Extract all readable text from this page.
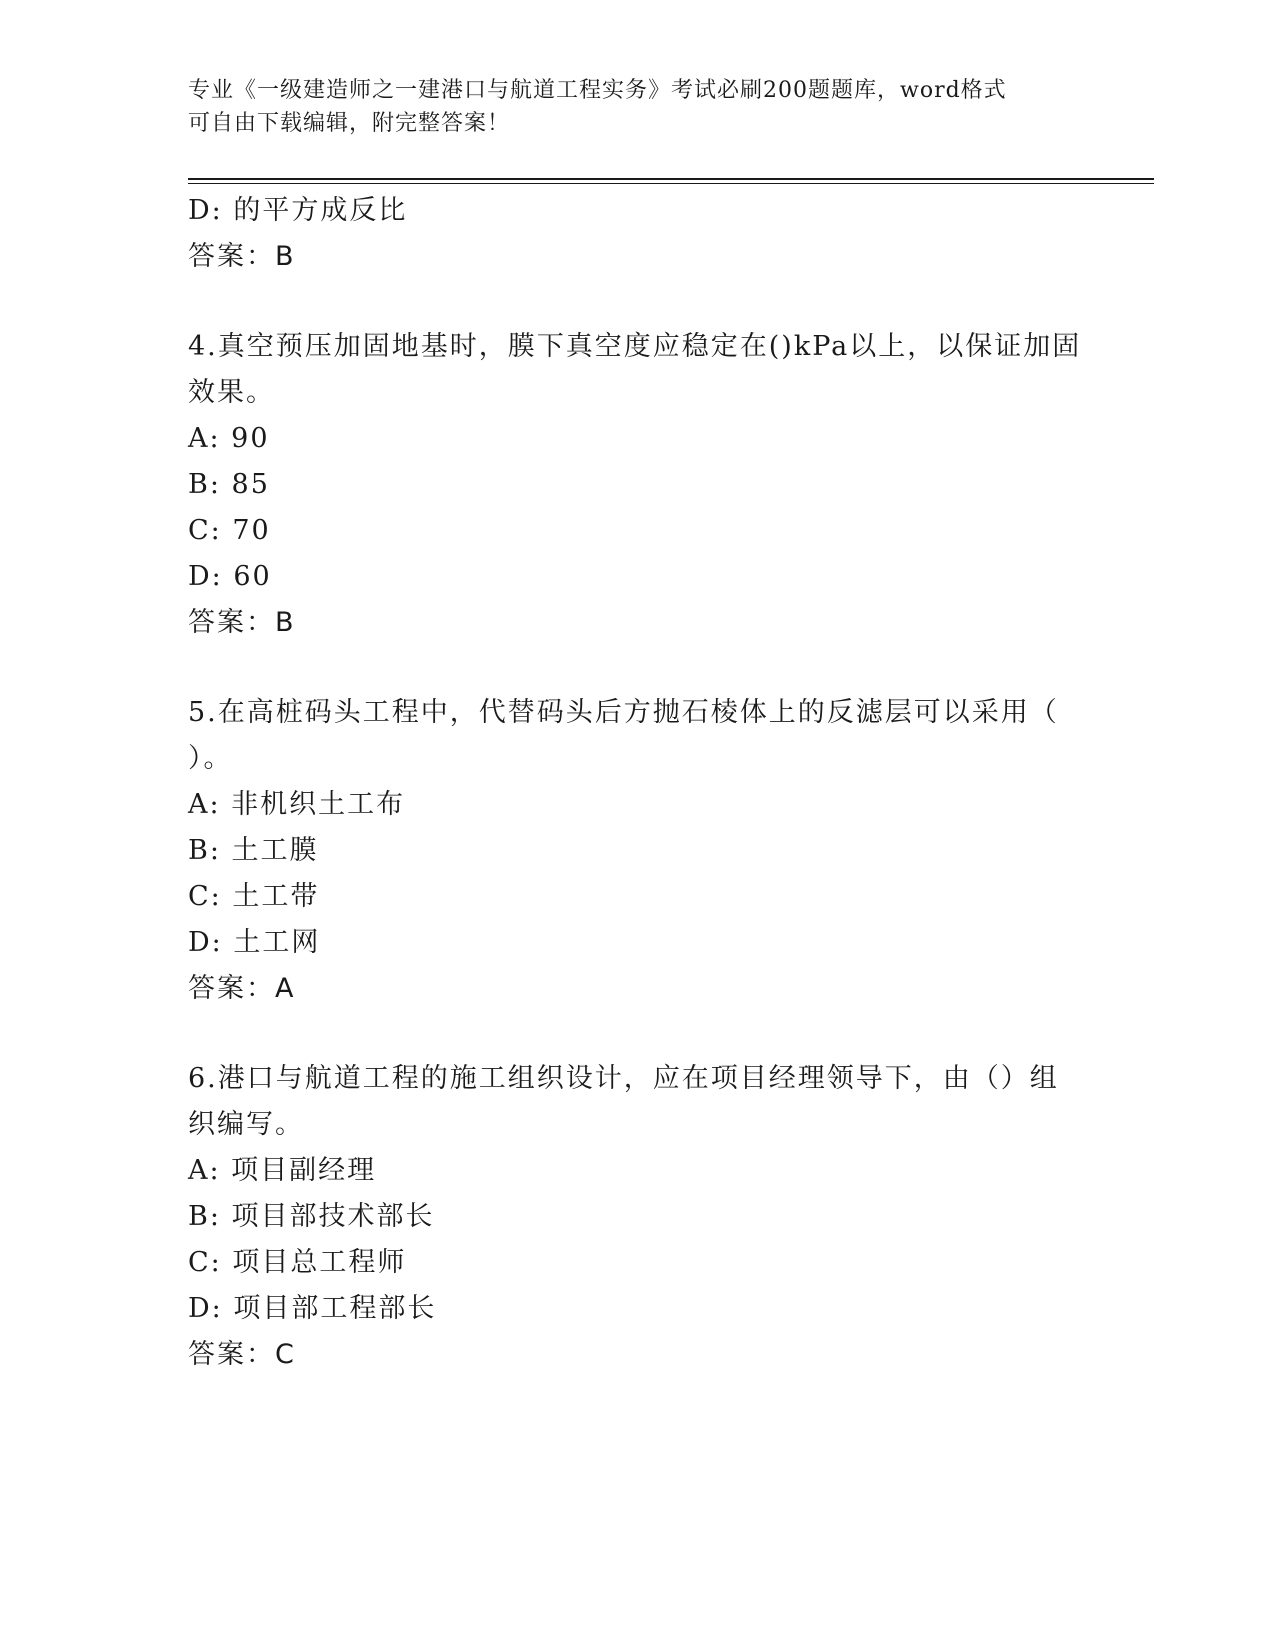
专业《一级建造师之一建港口与航道工程实务》考试必刷200题题库，word格式
可自由下载编辑，附完整答案！
D: 的平方成反比
答案：B
4.真空预压加固地基时，膜下真空度应稳定在()kPa以上，以保证加固
效果。
A: 90
B: 85
C: 70
D: 60
答案：B
5.在高桩码头工程中，代替码头后方抛石棱体上的反滤层可以采用（
）。
A: 非机织土工布
B: 土工膜
C: 土工带
D: 土工网
答案：A
6.港口与航道工程的施工组织设计，应在项目经理领导下，由（）组
织编写。
A: 项目副经理
B: 项目部技术部长
C: 项目总工程师
D: 项目部工程部长
答案：C
